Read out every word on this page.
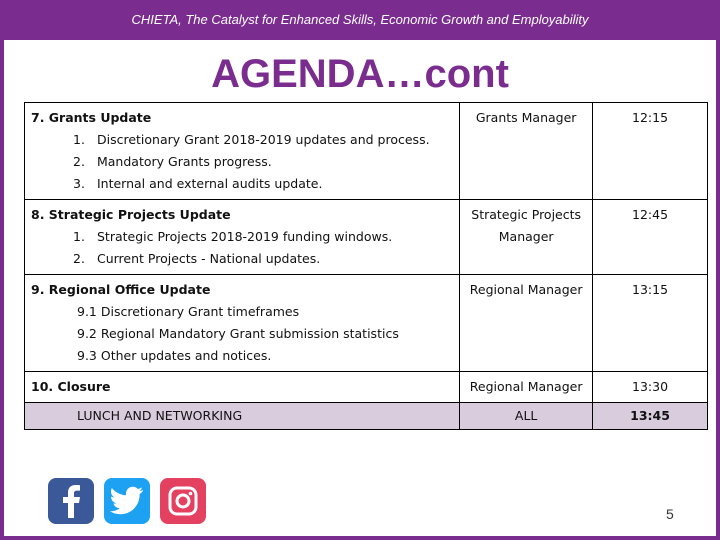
CHIETA, The Catalyst for Enhanced Skills, Economic Growth and Employability
AGENDA…cont
7. Grants Update
1. Discretionary Grant 2018-2019 updates and process.
2. Mandatory Grants progress.
3. Internal and external audits update.	Grants Manager	12:15

8. Strategic Projects Update
1. Strategic Projects 2018-2019 funding windows.
2. Current Projects - National updates.	Strategic Projects Manager	12:45

9. Regional Office Update
9.1 Discretionary Grant timeframes
9.2 Regional Mandatory Grant submission statistics
9.3 Other updates and notices.	Regional Manager	13:15

10. Closure	Regional Manager	13:30

LUNCH AND NETWORKING	ALL	13:45
5
